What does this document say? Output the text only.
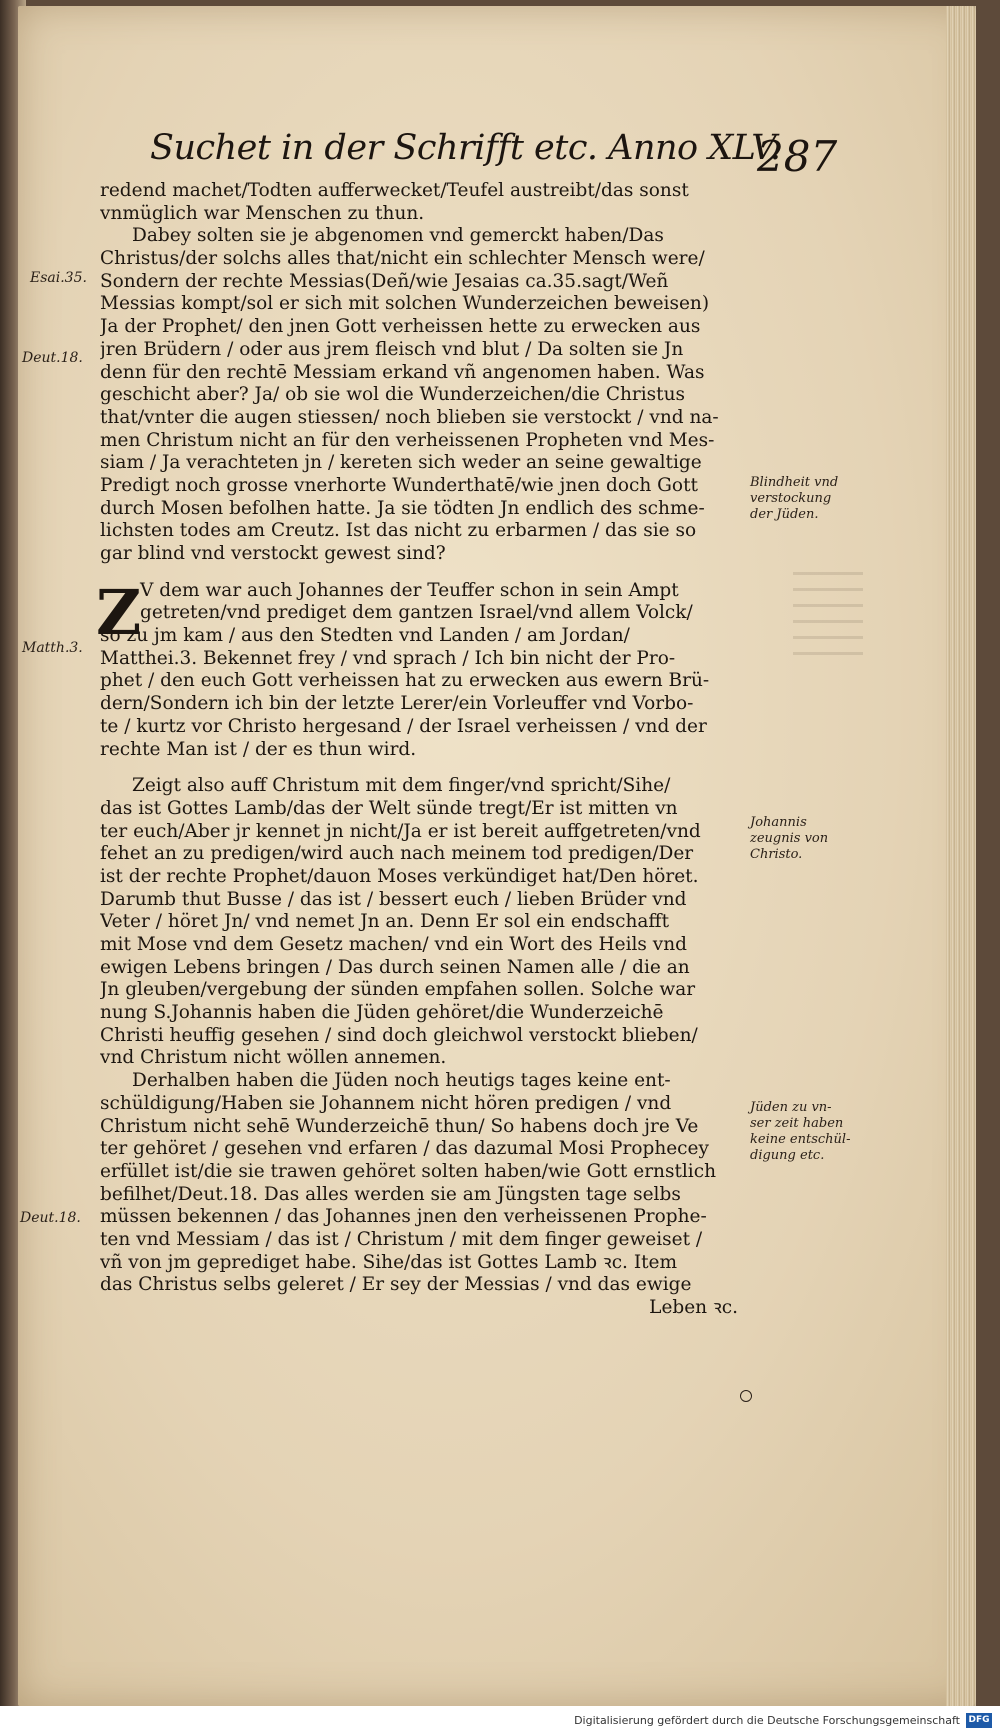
Suchet in der Schrifft etc. Anno XLV.
287
redend machet/Todten aufferwecket/Teufel austreibt/das sonst
vnmüglich war Menschen zu thun.
Dabey solten sie je abgenomen vnd gemerckt haben/Das
Christus/der solchs alles that/nicht ein schlechter Mensch were/
Sondern der rechte Messias(Deñ/wie Jesaias ca.35.sagt/Weñ
Messias kompt/sol er sich mit solchen Wunderzeichen beweisen)
Ja der Prophet/ den jnen Gott verheissen hette zu erwecken aus
jren Brüdern / oder aus jrem fleisch vnd blut / Da solten sie Jn
denn für den rechtē Messiam erkand vñ angenomen haben. Was
geschicht aber? Ja/ ob sie wol die Wunderzeichen/die Christus
that/vnter die augen stiessen/ noch blieben sie verstockt / vnd na-
men Christum nicht an für den verheissenen Propheten vnd Mes-
siam / Ja verachteten jn / kereten sich weder an seine gewaltige
Predigt noch grosse vnerhorte Wunderthatē/wie jnen doch Gott
durch Mosen befolhen hatte. Ja sie tödten Jn endlich des schme-
lichsten todes am Creutz. Ist das nicht zu erbarmen / das sie so
gar blind vnd verstockt gewest sind?
Z
V dem war auch Johannes der Teuffer schon in sein Ampt
getreten/vnd prediget dem gantzen Israel/vnd allem Volck/
so zu jm kam / aus den Stedten vnd Landen / am Jordan/
Matthei.3. Bekennet frey / vnd sprach / Ich bin nicht der Pro-
phet / den euch Gott verheissen hat zu erwecken aus ewern Brü-
dern/Sondern ich bin der letzte Lerer/ein Vorleuffer vnd Vorbo-
te / kurtz vor Christo hergesand / der Israel verheissen / vnd der
rechte Man ist / der es thun wird.
Zeigt also auff Christum mit dem finger/vnd spricht/Sihe/
das ist Gottes Lamb/das der Welt sünde tregt/Er ist mitten vn
ter euch/Aber jr kennet jn nicht/Ja er ist bereit auffgetreten/vnd
fehet an zu predigen/wird auch nach meinem tod predigen/Der
ist der rechte Prophet/dauon Moses verkündiget hat/Den höret.
Darumb thut Busse / das ist / bessert euch / lieben Brüder vnd
Veter / höret Jn/ vnd nemet Jn an. Denn Er sol ein endschafft
mit Mose vnd dem Gesetz machen/ vnd ein Wort des Heils vnd
ewigen Lebens bringen / Das durch seinen Namen alle / die an
Jn gleuben/vergebung der sünden empfahen sollen. Solche war
nung S.Johannis haben die Jüden gehöret/die Wunderzeichē
Christi heuffig gesehen / sind doch gleichwol verstockt blieben/
vnd Christum nicht wöllen annemen.
Derhalben haben die Jüden noch heutigs tages keine ent-
schüldigung/Haben sie Johannem nicht hören predigen / vnd
Christum nicht sehē Wunderzeichē thun/ So habens doch jre Ve
ter gehöret / gesehen vnd erfaren / das dazumal Mosi Prophecey
erfüllet ist/die sie trawen gehöret solten haben/wie Gott ernstlich
befilhet/Deut.18. Das alles werden sie am Jüngsten tage selbs
müssen bekennen / das Johannes jnen den verheissenen Prophe-
ten vnd Messiam / das ist / Christum / mit dem finger geweiset /
vñ von jm geprediget habe. Sihe/das ist Gottes Lamb ꝛc. Item
das Christus selbs geleret / Er sey der Messias / vnd das ewige
Leben ꝛc.
Esai.35.
Deut.18.
Matth.3.
Deut.18.
Blindheit vnd
verstockung
der Jüden.
Johannis
zeugnis von
Christo.
Jüden zu vn-
ser zeit haben
keine entschül-
digung etc.
Digitalisierung gefördert durch die Deutsche Forschungsgemeinschaft DFG
